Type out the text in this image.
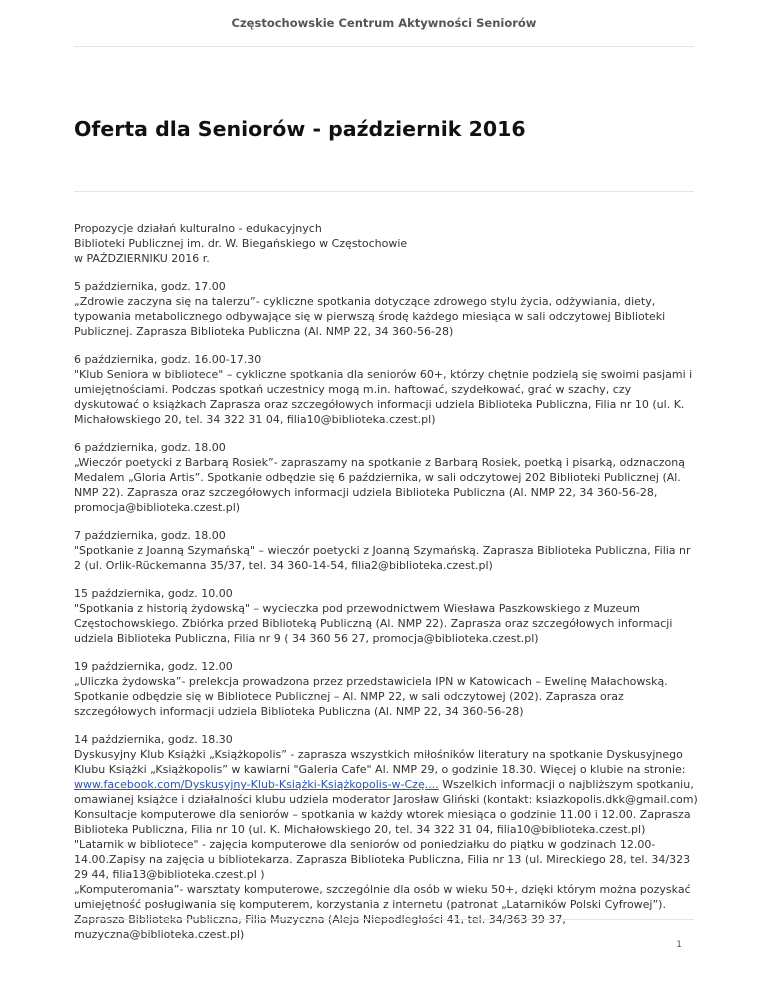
Częstochowskie Centrum Aktywności Seniorów
Oferta dla Seniorów - październik 2016

Propozycje działań kulturalno - edukacyjnych

Biblioteki Publicznej im. dr. W. Biegańskiego w Częstochowie

w PAŹDZIERNIKU 2016 r.

5 października, godz. 17.00

„Zdrowie zaczyna się na talerzu”- cykliczne spotkania dotyczące zdrowego stylu życia, odżywiania, diety, typowania metabolicznego odbywające się w pierwszą środę każdego miesiąca w sali odczytowej Biblioteki Publicznej. Zaprasza Biblioteka Publiczna (Al. NMP 22, 34 360-56-28)

6 października, godz. 16.00-17.30

"Klub Seniora w bibliotece" – cykliczne spotkania dla seniorów 60+, którzy chętnie podzielą się swoimi pasjami i umiejętnościami. Podczas spotkań uczestnicy mogą m.in. haftować, szydełkować, grać w szachy, czy dyskutować o książkach Zaprasza oraz szczegółowych informacji udziela Biblioteka Publiczna, Filia nr 10 (ul. K. Michałowskiego 20, tel. 34 322 31 04, filia10@biblioteka.czest.pl)

6 października, godz. 18.00

„Wieczór poetycki z Barbarą Rosiek”- zapraszamy na spotkanie z Barbarą Rosiek, poetką i pisarką, odznaczoną Medalem „Gloria Artis”. Spotkanie odbędzie się 6 października, w sali odczytowej 202 Biblioteki Publicznej (Al. NMP 22). Zaprasza oraz szczegółowych informacji udziela Biblioteka Publiczna (Al. NMP 22, 34 360-56-28, promocja@biblioteka.czest.pl)

7 października, godz. 18.00

"Spotkanie z Joanną Szymańską" – wieczór poetycki z Joanną Szymańską. Zaprasza Biblioteka Publiczna, Filia nr 2 (ul. Orlik-Rückemanna 35/37, tel. 34 360-14-54, filia2@biblioteka.czest.pl)

15 października, godz. 10.00

"Spotkania z historią żydowską" – wycieczka pod przewodnictwem Wiesława Paszkowskiego z Muzeum Częstochowskiego. Zbiórka przed Biblioteką Publiczną (Al. NMP 22). Zaprasza oraz szczegółowych informacji udziela Biblioteka Publiczna, Filia nr 9 ( 34 360 56 27, promocja@biblioteka.czest.pl)

19 października, godz. 12.00

„Uliczka żydowska”- prelekcja prowadzona przez przedstawiciela IPN w Katowicach – Ewelinę Małachowską. Spotkanie odbędzie się w Bibliotece Publicznej – Al. NMP 22, w sali odczytowej (202). Zaprasza oraz szczegółowych informacji udziela Biblioteka Publiczna (Al. NMP 22, 34 360-56-28)

14 października, godz. 18.30

Dyskusyjny Klub Książki „Książkopolis” - zaprasza wszystkich miłośników literatury na spotkanie Dyskusyjnego Klubu Książki „Książkopolis” w kawiarni "Galeria Cafe" Al. NMP 29, o godzinie 18.30. Więcej o klubie na stronie: www.facebook.com/Dyskusyjny-Klub-Książki-Książkopolis-w-Czę.... Wszelkich informacji o najbliższym spotkaniu, omawianej książce i działalności klubu udziela moderator Jarosław Gliński (kontakt: ksiazkopolis.dkk@gmail.com)

Konsultacje komputerowe dla seniorów – spotkania w każdy wtorek miesiąca o godzinie 11.00 i 12.00. Zaprasza Biblioteka Publiczna, Filia nr 10 (ul. K. Michałowskiego 20, tel. 34 322 31 04, filia10@biblioteka.czest.pl)

"Latarnik w bibliotece" - zajęcia komputerowe dla seniorów od poniedziałku do piątku w godzinach 12.00-14.00.Zapisy na zajęcia u bibliotekarza. Zaprasza Biblioteka Publiczna, Filia nr 13 (ul. Mireckiego 28, tel. 34/323 29 44, filia13@biblioteka.czest.pl )

„Komputeromania”- warsztaty komputerowe, szczególnie dla osób w wieku 50+, dzięki którym można pozyskać umiejętność posługiwania się komputerem, korzystania z internetu (patronat „Latarników Polski Cyfrowej”). Zaprasza Biblioteka Publiczna, Filia Muzyczna (Aleja Niepodległości 41, tel. 34/363 39 37, muzyczna@biblioteka.czest.pl)

1
